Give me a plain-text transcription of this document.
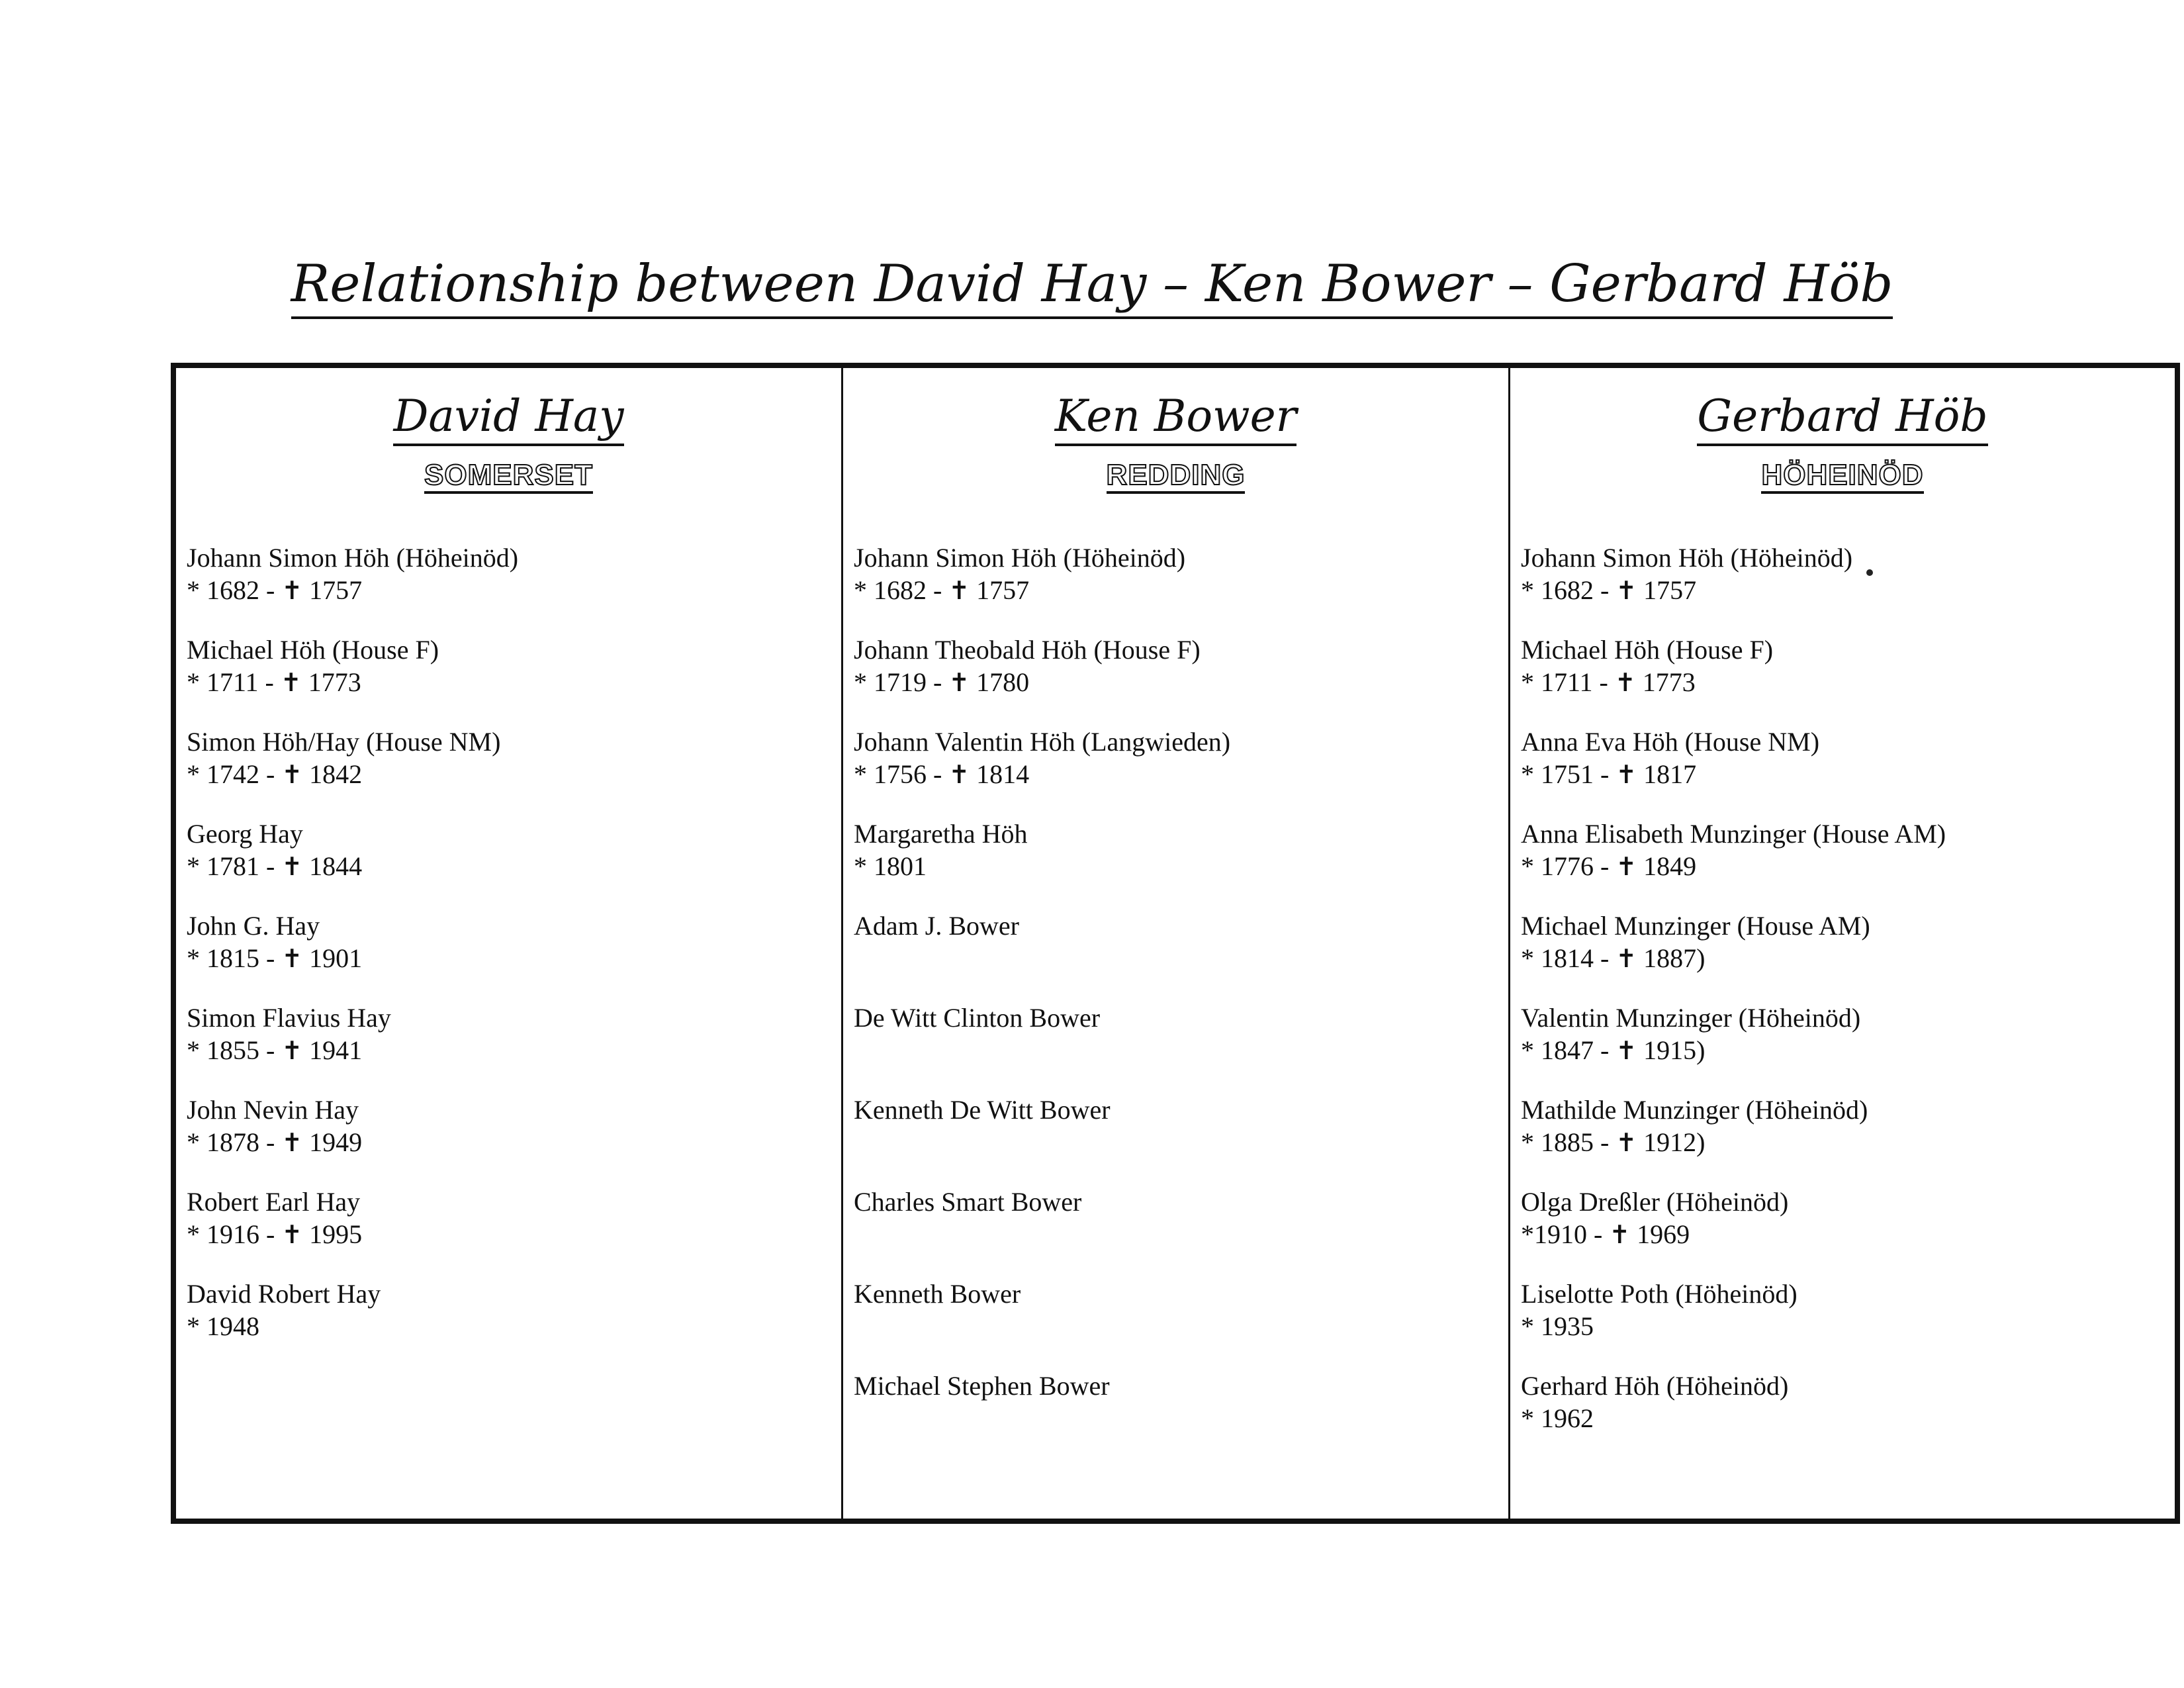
Relationship between David Hay – Ken Bower – Gerbard Höb
David Hay
SOMERSET
Johann Simon Höh (Höheinöd)
* 1682 - ✝ 1757
Michael Höh (House F)
* 1711 - ✝ 1773
Simon Höh/Hay (House NM)
* 1742 - ✝ 1842
Georg Hay
* 1781 - ✝ 1844
John G. Hay
* 1815 - ✝ 1901
Simon Flavius Hay
* 1855 - ✝ 1941
John Nevin Hay
* 1878 - ✝ 1949
Robert Earl Hay
* 1916 - ✝ 1995
David Robert Hay
* 1948
Ken Bower
REDDING
Johann Simon Höh (Höheinöd)
* 1682 - ✝ 1757
Johann Theobald Höh (House F)
* 1719 - ✝ 1780
Johann Valentin Höh (Langwieden)
* 1756 - ✝ 1814
Margaretha Höh
* 1801
Adam J. Bower
De Witt Clinton Bower
Kenneth De Witt Bower
Charles Smart Bower
Kenneth Bower
Michael Stephen Bower
Gerbard Höb
HÖHEINÖD
Johann Simon Höh (Höheinöd)
* 1682 - ✝ 1757
Michael Höh (House F)
* 1711 - ✝ 1773
Anna Eva Höh (House NM)
* 1751 - ✝ 1817
Anna Elisabeth Munzinger (House AM)
* 1776 - ✝ 1849
Michael Munzinger (House AM)
* 1814 - ✝ 1887)
Valentin Munzinger (Höheinöd)
* 1847 - ✝ 1915)
Mathilde Munzinger (Höheinöd)
* 1885 - ✝ 1912)
Olga Dreßler (Höheinöd)
*1910 - ✝ 1969
Liselotte Poth (Höheinöd)
* 1935
Gerhard Höh (Höheinöd)
* 1962
